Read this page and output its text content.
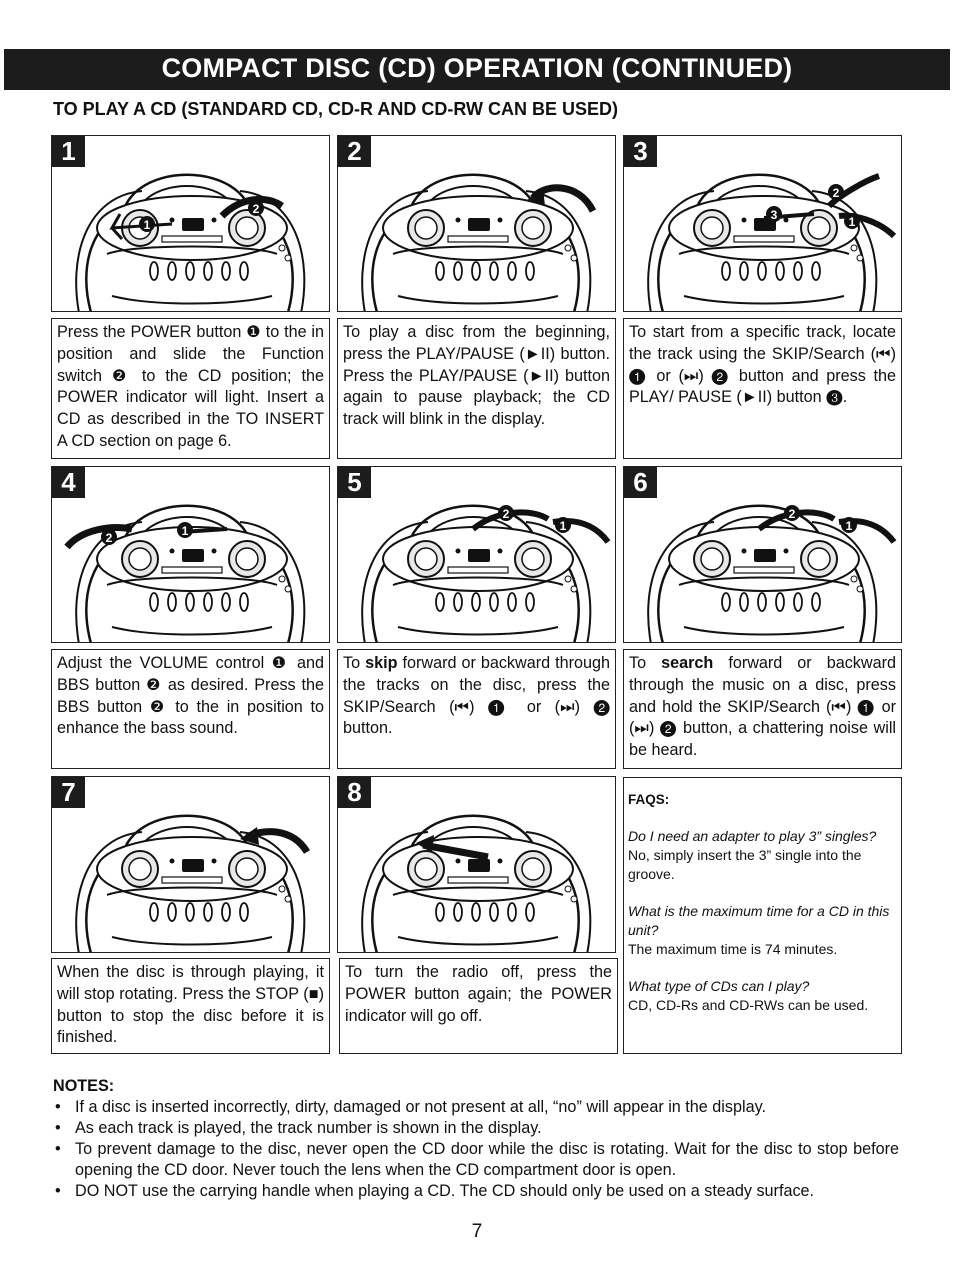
COMPACT DISC (CD) OPERATION (CONTINUED)
TO PLAY A CD (STANDARD CD, CD-R AND CD-RW CAN BE USED)
1
2
1	2
2
3	1
3
Press the POWER button ❶ to the in position and slide the Function switch ❷ to the CD position; the POWER indicator will light. Insert a CD as described in the TO INSERT A CD section on page 6.
To play a disc from the beginning, press the PLAY/PAUSE (►II) button. Press the PLAY/PAUSE (►II) button again to pause playback; the CD track will blink in the display.
To start from a specific track, locate the track using the SKIP/Search (⏮) ❶ or (⏭) ❷ button and press the PLAY/ PAUSE (►II) button ❸.
2	1
4
2
1
5
2
1
6
Adjust the VOLUME control ❶ and BBS button ❷ as desired. Press the BBS button ❷ to the in position to enhance the bass sound.
To skip forward or backward through the tracks on the disc, press the SKIP/Search (⏮) ❶ or (⏭) ❷ button.
To search forward or backward through the music on a disc, press and hold the SKIP/Search (⏮) ❶ or (⏭) ❷ button, a chattering noise will be heard.
7	8
When the disc is through playing, it will stop rotating. Press the STOP (■) button to stop the disc before it is finished.
To turn the radio off, press the POWER button again; the POWER indicator will go off.
FAQS:
Do I need an adapter to play 3” singles?
No, simply insert the 3” single into the groove.
What is the maximum time for a CD in this unit?
The maximum time is 74 minutes.
What type of CDs can I play?
CD, CD-Rs and CD-RWs can be used.
NOTES:
• If a disc is inserted incorrectly, dirty, damaged or not present at all, “no” will appear in the display.
• As each track is played, the track number is shown in the display.
• To prevent damage to the disc, never open the CD door while the disc is rotating. Wait for the disc to stop before opening the CD door. Never touch the lens when the CD compartment door is open.
• DO NOT use the carrying handle when playing a CD. The CD should only be used on a steady surface.
7
